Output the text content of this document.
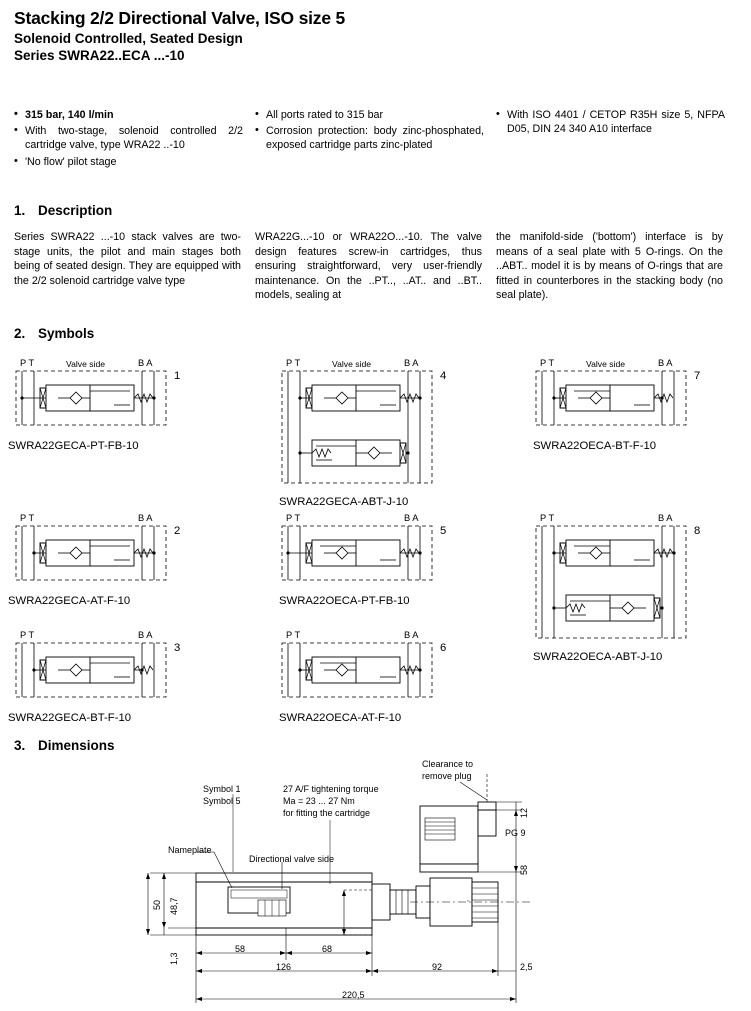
Stacking 2/2 Directional Valve, ISO size 5
Solenoid Controlled, Seated Design
Series SWRA22..ECA ...-10
• 315 bar, 140 l/min
• With two-stage, solenoid controlled 2/2 cartridge valve, type WRA22 ..-10
• 'No flow' pilot stage
• All ports rated to 315 bar
• Corrosion protection: body zinc-phosphated, exposed cartridge parts zinc-plated
• With ISO 4401 / CETOP R35H size 5, NFPA D05, DIN 24 340 A10 interface
1. Description
Series SWRA22 ...-10 stack valves are two-stage units, the pilot and main stages both being of seated design. They are equipped with the 2/2 solenoid cartridge valve type
WRA22G...-10 or WRA22O...-10. The valve design features screw-in cartridges, thus ensuring straightforward, very user-friendly maintenance. On the ..PT.., ..AT.. and ..BT.. models, sealing at
the manifold-side ('bottom') interface is by means of a seal plate with 5 O-rings. On the ..ABT.. model it is by means of O-rings that are fitted in counterbores in the stacking body (no seal plate).
2. Symbols
P T	B A
Valve side
1
SWRA22GECA-PT-FB-10
P T	B A
2
SWRA22GECA-AT-F-10
P T	B A
3
SWRA22GECA-BT-F-10
P T	B A
Valve side
4
SWRA22GECA-ABT-J-10
P T	B A
5
SWRA22OECA-PT-FB-10
P T	B A
6
SWRA22OECA-AT-F-10
P T	B A
Valve side
7
SWRA22OECA-BT-F-10
P T	B A
8
SWRA22OECA-ABT-J-10
3. Dimensions
Symbol 1
Symbol 5
27 A/F tightening torque
Ma = 23 ... 27 Nm
for fitting the cartridge
Clearance to
remove plug
Nameplate
Directional valve side
PG 9
12
58
50 48,7
1,3
58	68
126	92	2,5
220,5
